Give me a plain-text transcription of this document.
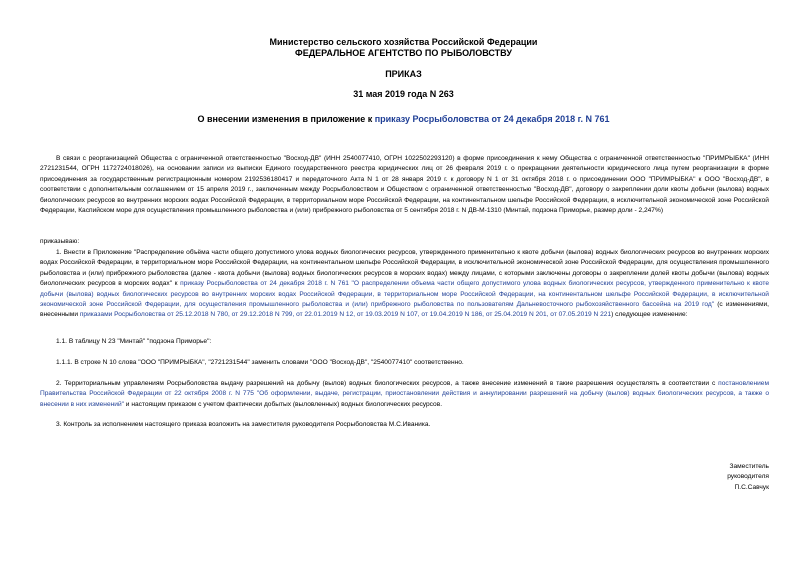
Министерство сельского хозяйства Российской Федерации
ФЕДЕРАЛЬНОЕ АГЕНТСТВО ПО РЫБОЛОВСТВУ
ПРИКАЗ
31 мая 2019 года N 263
О внесении изменения в приложение к приказу Росрыболовства от 24 декабря 2018 г. N 761

В связи с реорганизацией Общества с ограниченной ответственностью "Восход-ДВ" (ИНН 2540077410, ОГРН 1022502293120) в форме присоединения к нему Общества с ограниченной ответственностью "ПРИМРЫБКА" (ИНН 2721231544, ОГРН 1172724018026), на основании записи из выписки Единого государственного реестра юридических лиц от 26 февраля 2019 г. о прекращении деятельности юридического лица путем реорганизации в форме присоединения за государственным регистрационным номером 2192536180417 и передаточного Акта N 1 от 28 января 2019 г. к договору N 1 от 31 октября 2018 г. о присоединении ООО "ПРИМРЫБКА" к ООО "Восход-ДВ", в соответствии с дополнительным соглашением от 15 апреля 2019 г., заключенным между Росрыболовством и Обществом с ограниченной ответственностью "Восход-ДВ", договору о закреплении доли квоты добычи (вылова) водных биологических ресурсов во внутренних морских водах Российской Федерации, в территориальном море Российской Федерации, на континентальном шельфе Российской Федерации, в исключительной экономической зоне Российской Федерации, Каспийском море для осуществления промышленного рыболовства и (или) прибрежного рыболовства от 5 сентября 2018 г. N ДВ-М-1310 (Минтай, подзона Приморье, размер доли - 2,247%)

приказываю:

1. Внести в Приложение "Распределение объёма части общего допустимого улова водных биологических ресурсов, утвержденного применительно к квоте добычи (вылова) водных биологических ресурсов во внутренних морских водах Российской Федерации, в территориальном море Российской Федерации, на континентальном шельфе Российской Федерации, в исключительной экономической зоне Российской Федерации, для осуществления промышленного рыболовства и (или) прибрежного рыболовства (далее - квота добычи (вылова) водных биологических ресурсов в морских водах) между лицами, с которыми заключены договоры о закреплении долей квоты добычи (вылова) водных биологических ресурсов в морских водах" к приказу Росрыболовства от 24 декабря 2018 г. N 761 "О распределении объема части общего допустимого улова водных биологических ресурсов, утвержденного применительно к квоте добычи (вылова) водных биологических ресурсов во внутренних морских водах Российской Федерации, в территориальном море Российской Федерации, на континентальном шельфе Российской Федерации, в исключительной экономической зоне Российской Федерации, для осуществления промышленного рыболовства и (или) прибрежного рыболовства по пользователям Дальневосточного рыбохозяйственного бассейна на 2019 год" (с изменениями, внесенными приказами Росрыболовства от 25.12.2018 N 780, от 29.12.2018 N 799, от 22.01.2019 N 12, от 19.03.2019 N 107, от 19.04.2019 N 186, от 25.04.2019 N 201, от 07.05.2019 N 221) следующее изменение:

1.1. В таблицу N 23 "Минтай" "подзона Приморье":

1.1.1. В строке N 10 слова "ООО "ПРИМРЫБКА", "2721231544" заменить словами "ООО "Восход-ДВ", "2540077410" соответственно.

2. Территориальным управлениям Росрыболовства выдачу разрешений на добычу (вылов) водных биологических ресурсов, а также внесение изменений в такие разрешения осуществлять в соответствии с постановлением Правительства Российской Федерации от 22 октября 2008 г. N 775 "Об оформлении, выдаче, регистрации, приостановлении действия и аннулировании разрешений на добычу (вылов) водных биологических ресурсов, а также о внесении в них изменений" и настоящим приказом с учетом фактически добытых (выловленных) водных биологических ресурсов.

3. Контроль за исполнением настоящего приказа возложить на заместителя руководителя Росрыболовства М.С.Иваника.

Заместитель
руководителя
П.С.Савчук
